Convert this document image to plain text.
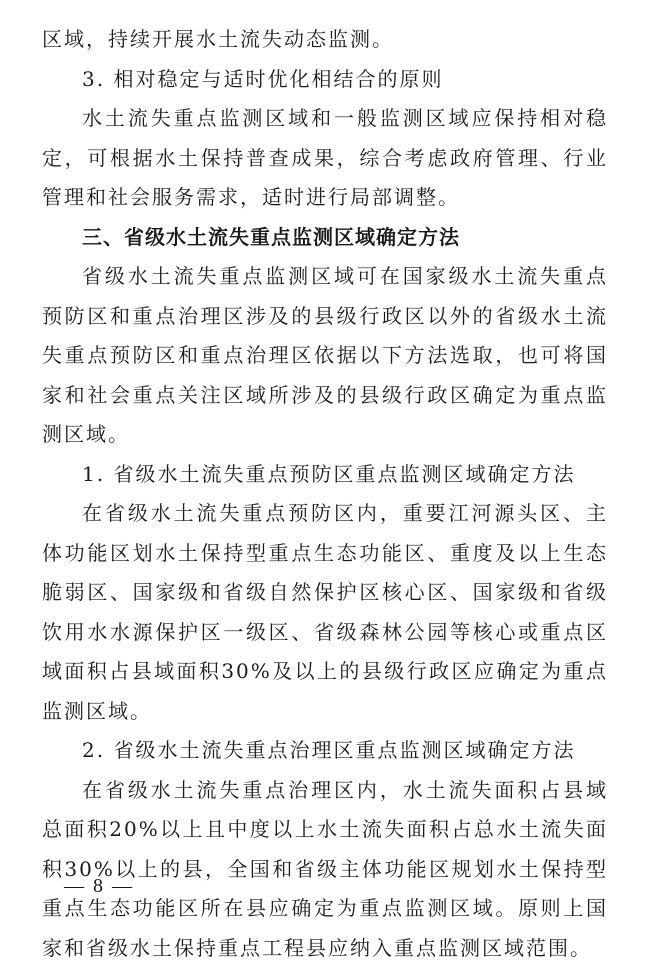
区域，持续开展水土流失动态监测。

3. 相对稳定与适时优化相结合的原则

水土流失重点监测区域和一般监测区域应保持相对稳定，可根据水土保持普查成果，综合考虑政府管理、行业管理和社会服务需求，适时进行局部调整。

三、省级水土流失重点监测区域确定方法

省级水土流失重点监测区域可在国家级水土流失重点预防区和重点治理区涉及的县级行政区以外的省级水土流失重点预防区和重点治理区依据以下方法选取，也可将国家和社会重点关注区域所涉及的县级行政区确定为重点监测区域。

1. 省级水土流失重点预防区重点监测区域确定方法

在省级水土流失重点预防区内，重要江河源头区、主体功能区划水土保持型重点生态功能区、重度及以上生态脆弱区、国家级和省级自然保护区核心区、国家级和省级饮用水水源保护区一级区、省级森林公园等核心或重点区域面积占县域面积30%及以上的县级行政区应确定为重点监测区域。

2. 省级水土流失重点治理区重点监测区域确定方法

在省级水土流失重点治理区内，水土流失面积占县域总面积20%以上且中度以上水土流失面积占总水土流失面积30%以上的县，全国和省级主体功能区规划水土保持型重点生态功能区所在县应确定为重点监测区域。原则上国家和省级水土保持重点工程县应纳入重点监测区域范围。

— 8 —
